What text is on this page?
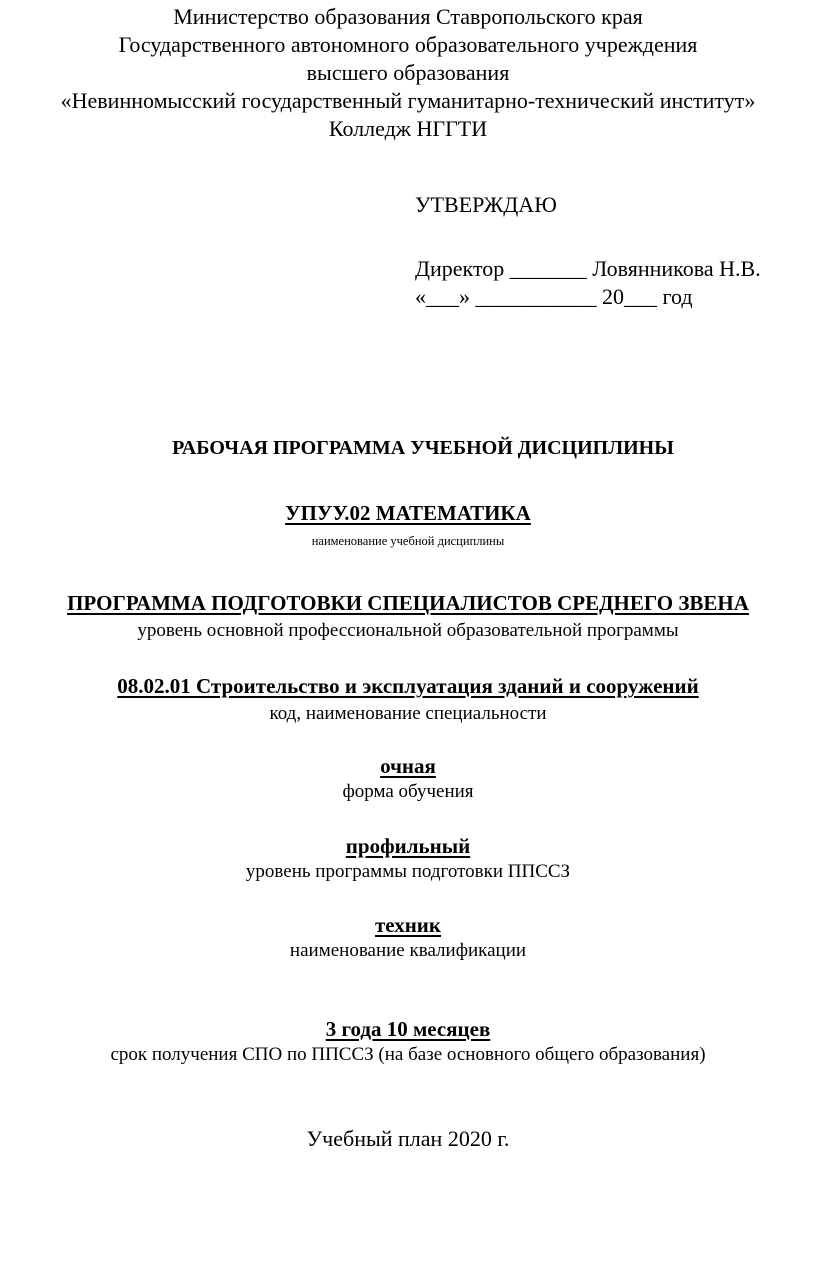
Министерство образования Ставропольского края
Государственного автономного образовательного учреждения
высшего образования
«Невинномысский государственный гуманитарно-технический институт»
Колледж НГГТИ
УТВЕРЖДАЮ
Директор _______ Ловянникова Н.В.
«___» ___________ 20___ год
РАБОЧАЯ ПРОГРАММА УЧЕБНОЙ ДИСЦИПЛИНЫ
УПУУ.02 МАТЕМАТИКА
наименование учебной дисциплины
ПРОГРАММА ПОДГОТОВКИ СПЕЦИАЛИСТОВ СРЕДНЕГО ЗВЕНА
уровень основной профессиональной образовательной программы
08.02.01 Строительство и эксплуатация зданий и сооружений
код, наименование специальности
очная
форма обучения
профильный
уровень программы подготовки ППССЗ
техник
наименование квалификации
3 года 10 месяцев
срок получения СПО по ППССЗ (на базе основного общего образования)
Учебный план 2020 г.
